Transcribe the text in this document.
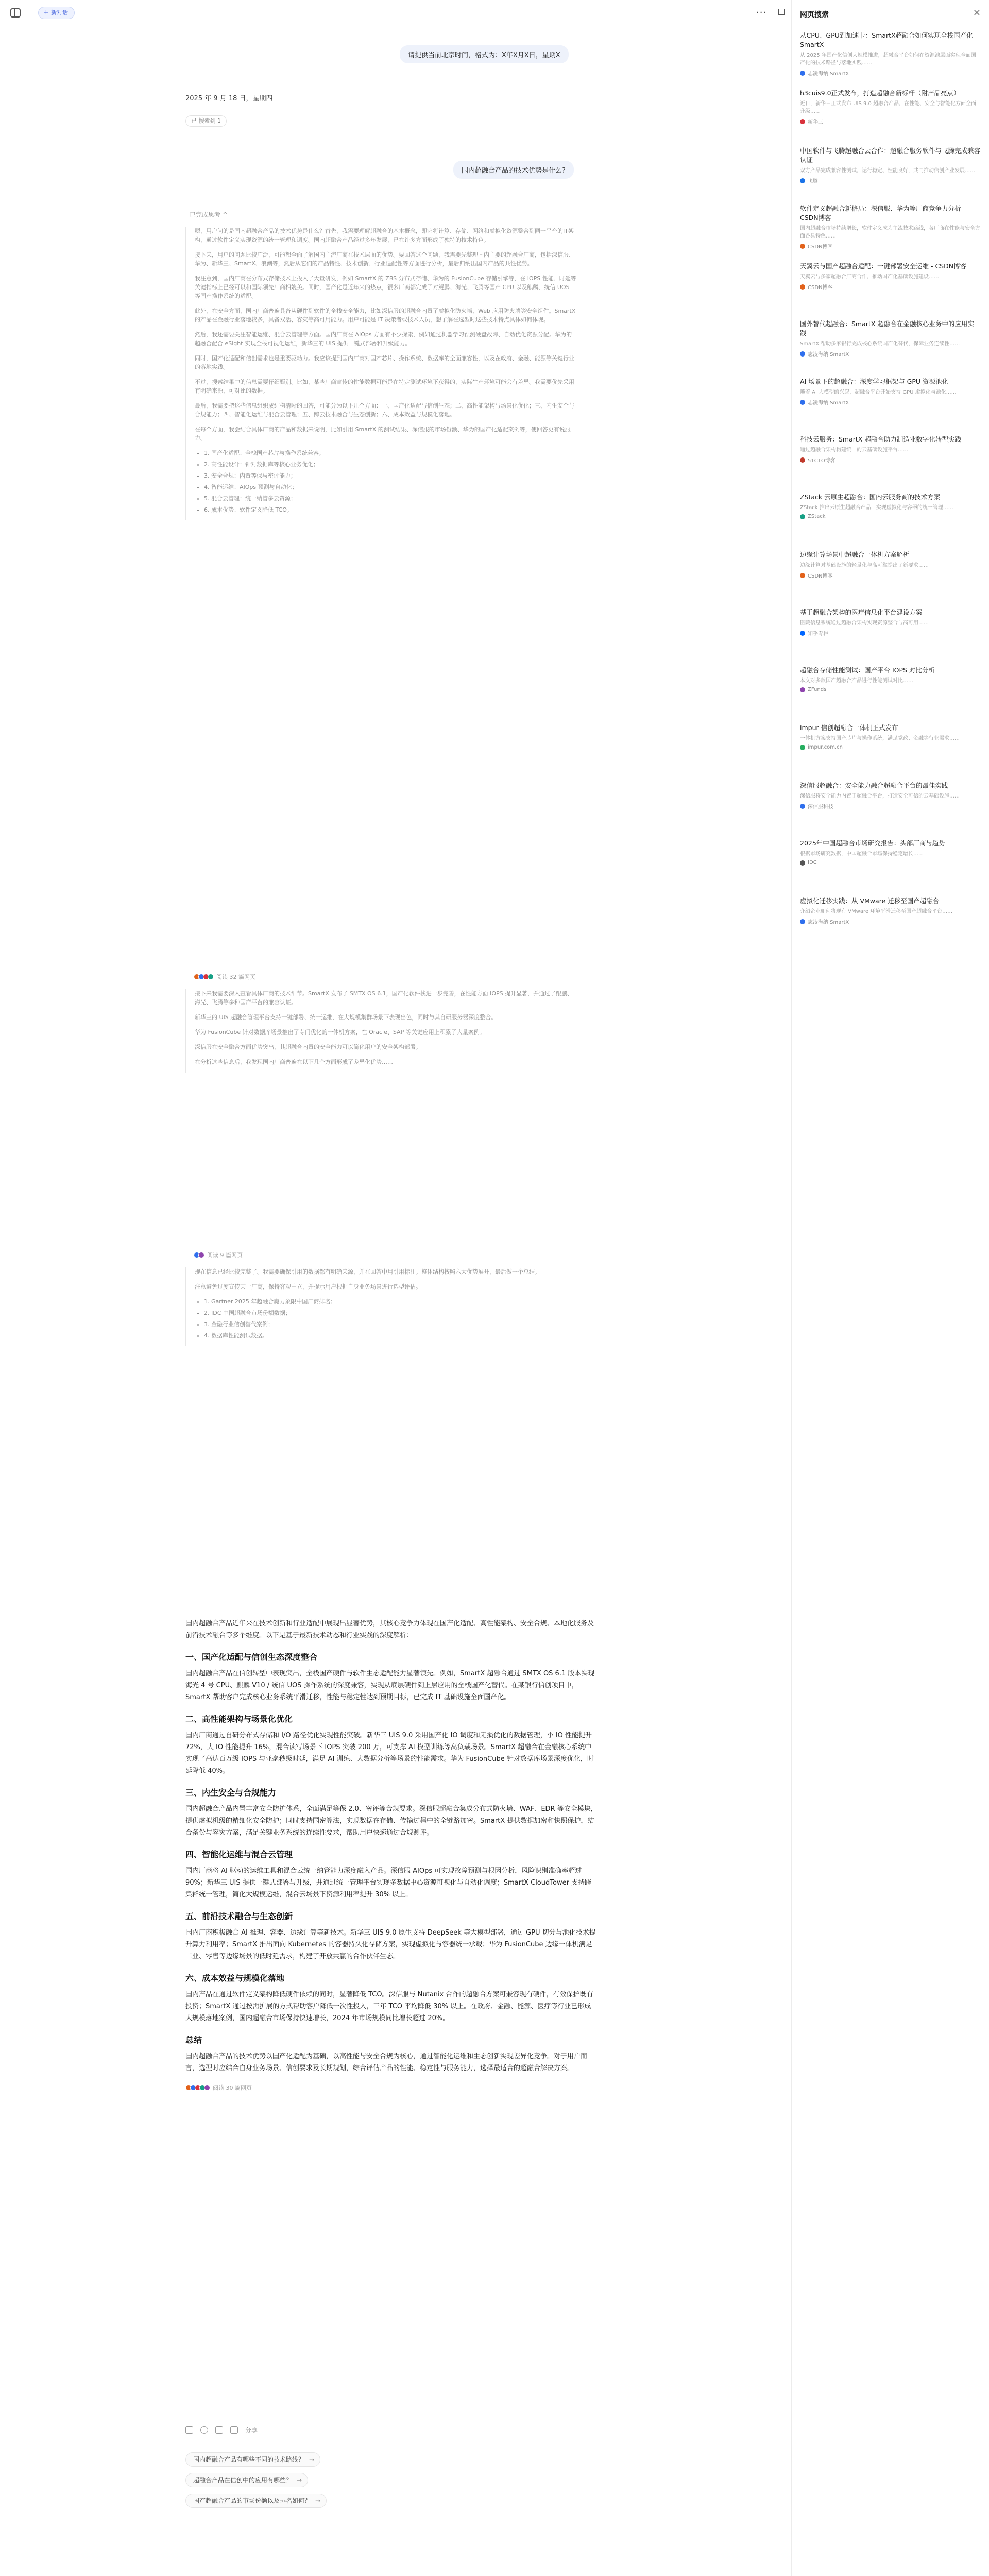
+ 新对话	···
请提供当前北京时间，格式为：X年X月X日，星期X
2025 年 9 月 18 日，星期四
已 搜索到 1
国内超融合产品的技术优势是什么?
已完成思考 ^

嗯，用户问的是国内超融合产品的技术优势是什么？首先，我需要理解超融合的基本概念，即它将计算、存储、网络和虚拟化资源整合到同一平台的IT架构，通过软件定义实现资源的统一管理和调度。国内超融合产品经过多年发展，已在许多方面形成了独特的技术特色。

接下来，用户的问题比较广泛，可能想全面了解国内主流厂商在技术层面的优势。要回答这个问题，我需要先整理国内主要的超融合厂商，包括深信服、华为、新华三、SmartX、浪潮等，然后从它们的产品特性、技术创新、行业适配性等方面进行分析，最后归纳出国内产品的共性优势。

我注意到，国内厂商在分布式存储技术上投入了大量研发，例如 SmartX 的 ZBS 分布式存储、华为的 FusionCube 存储引擎等，在 IOPS 性能、时延等关键指标上已经可以和国际领先厂商相媲美。同时，国产化是近年来的热点，很多厂商都完成了对鲲鹏、海光、飞腾等国产 CPU 以及麒麟、统信 UOS 等国产操作系统的适配。

此外，在安全方面，国内厂商普遍具备从硬件到软件的全栈安全能力，比如深信服的超融合内置了虚拟化防火墙、Web 应用防火墙等安全组件。SmartX 的产品在金融行业落地较多，具备双活、容灾等高可用能力。用户可能是 IT 决策者或技术人员，想了解在选型时这些技术特点具体如何体现。

然后，我还需要关注智能运维、混合云管理等方面。国内厂商在 AIOps 方面有不少探索，例如通过机器学习预测硬盘故障、自动优化资源分配。华为的超融合配合 eSight 实现全栈可视化运维，新华三的 UIS 提供一键式部署和升级能力。

同时，国产化适配和信创需求也是重要驱动力。我应该提到国内厂商对国产芯片、操作系统、数据库的全面兼容性，以及在政府、金融、能源等关键行业的落地实践。

不过，搜索结果中的信息需要仔细甄别。比如，某些厂商宣传的性能数据可能是在特定测试环境下获得的，实际生产环境可能会有差异。我需要优先采用有明确来源、可对比的数据。

最后，我需要把这些信息组织成结构清晰的回答，可能分为以下几个方面：一、国产化适配与信创生态；二、高性能架构与场景化优化；三、内生安全与合规能力；四、智能化运维与混合云管理；五、跨云技术融合与生态创新；六、成本效益与规模化落地。

在每个方面，我会结合具体厂商的产品和数据来说明，比如引用 SmartX 的测试结果、深信服的市场份额、华为的国产化适配案例等，使回答更有说服力。

• 1. 国产化适配：全栈国产芯片与操作系统兼容；
• 2. 高性能设计：针对数据库等核心业务优化；
• 3. 安全合规：内置等保与密评能力；
• 4. 智能运维：AIOps 预测与自动化；
• 5. 混合云管理：统一纳管多云资源；
• 6. 成本优势：软件定义降低 TCO。
阅读 32 篇网页

接下来我需要深入查看具体厂商的技术细节。SmartX 发布了 SMTX OS 6.1，国产化软件栈进一步完善，在性能方面 IOPS 提升显著，并通过了鲲鹏、海光、飞腾等多种国产平台的兼容认证。

新华三的 UIS 超融合管理平台支持一键部署、统一运维，在大规模集群场景下表现出色，同时与其自研服务器深度整合。

华为 FusionCube 针对数据库场景推出了专门优化的一体机方案，在 Oracle、SAP 等关键应用上积累了大量案例。

深信服在安全融合方面优势突出，其超融合内置的安全能力可以简化用户的安全架构部署。

在分析这些信息后，我发现国内厂商普遍在以下几个方面形成了差异化优势……

阅读 9 篇网页

现在信息已经比较完整了。我需要确保引用的数据都有明确来源，并在回答中用引用标注。整体结构按照六大优势展开，最后做一个总结。

注意避免过度宣传某一厂商，保持客观中立，并提示用户根据自身业务场景进行选型评估。

• 1. Gartner 2025 年超融合魔力象限中国厂商排名；
• 2. IDC 中国超融合市场份额数据；
• 3. 金融行业信创替代案例；
• 4. 数据库性能测试数据。

国内超融合产品近年来在技术创新和行业适配中展现出显著优势，其核心竞争力体现在国产化适配、高性能架构、安全合规、本地化服务及前沿技术融合等多个维度。以下是基于最新技术动态和行业实践的深度解析：

一、国产化适配与信创生态深度整合

国内超融合产品在信创转型中表现突出，全栈国产硬件与软件生态适配能力显著领先。例如，SmartX 超融合通过 SMTX OS 6.1 版本实现海光 4 号 CPU、麒麟 V10 / 统信 UOS 操作系统的深度兼容，实现从底层硬件到上层应用的全栈国产化替代。在某银行信创项目中，SmartX 帮助客户完成核心业务系统平滑迁移，性能与稳定性达到预期目标，已完成 IT 基础设施全面国产化。

二、高性能架构与场景化优化

国内厂商通过自研分布式存储和 I/O 路径优化实现性能突破。新华三 UIS 9.0 采用国产化 IO 调度和无损优化的数据管理，小 IO 性能提升 72%，大 IO 性能提升 16%，混合读写场景下 IOPS 突破 200 万，可支撑 AI 模型训练等高负载场景。SmartX 超融合在金融核心系统中实现了高达百万级 IOPS 与亚毫秒级时延，满足 AI 训练、大数据分析等场景的性能需求。华为 FusionCube 针对数据库场景深度优化，时延降低 40%。

三、内生安全与合规能力

国内超融合产品内置丰富安全防护体系，全面满足等保 2.0、密评等合规要求。深信服超融合集成分布式防火墙、WAF、EDR 等安全模块，提供虚拟机级的精细化安全防护；同时支持国密算法，实现数据在存储、传输过程中的全链路加密。SmartX 提供数据加密和快照保护，结合备份与容灾方案，满足关键业务系统的连续性要求，帮助用户快速通过合规测评。

四、智能化运维与混合云管理

国内厂商将 AI 驱动的运维工具和混合云统一纳管能力深度融入产品。深信服 AIOps 可实现故障预测与根因分析，风险识别准确率超过 90%；新华三 UIS 提供一键式部署与升级，并通过统一管理平台实现多数据中心资源可视化与自动化调度；SmartX CloudTower 支持跨集群统一管理，简化大规模运维，混合云场景下资源利用率提升 30% 以上。

五、前沿技术融合与生态创新

国内厂商积极融合 AI 推理、容器、边缘计算等新技术。新华三 UIS 9.0 原生支持 DeepSeek 等大模型部署，通过 GPU 切分与池化技术提升算力利用率；SmartX 推出面向 Kubernetes 的容器持久化存储方案，实现虚拟化与容器统一承载；华为 FusionCube 边缘一体机满足工业、零售等边缘场景的低时延需求，构建了开放共赢的合作伙伴生态。

六、成本效益与规模化落地

国内产品在通过软件定义架构降低硬件依赖的同时，显著降低 TCO。深信服与 Nutanix 合作的超融合方案可兼容现有硬件，有效保护既有投资；SmartX 通过按需扩展的方式帮助客户降低一次性投入，三年 TCO 平均降低 30% 以上。在政府、金融、能源、医疗等行业已形成大规模落地案例，国内超融合市场保持快速增长，2024 年市场规模同比增长超过 20%。

总结

国内超融合产品的技术优势以国产化适配为基础，以高性能与安全合规为核心，通过智能化运维和生态创新实现差异化竞争。对于用户而言，选型时应结合自身业务场景、信创要求及长期规划，综合评估产品的性能、稳定性与服务能力，选择最适合的超融合解决方案。

阅读 30 篇网页
分享
国内超融合产品有哪些不同的技术路线？ →
超融合产品在信创中的应用有哪些？ →
国产超融合产品的市场份额以及排名如何？ →
网页搜索	×
从CPU、GPU到加速卡：SmartX超融合如何实现全栈国产化 - SmartX
从 2025 年国产化信创大规模推进，超融合平台如何在资源池层面实现全面国产化的技术路径与落地实践……
志凌海纳 SmartX
h3cuis9.0正式发布，打造超融合新标杆（附产品亮点）
近日，新华三正式发布 UIS 9.0 超融合产品，在性能、安全与智能化方面全面升级……
新华三
中国软件与飞腾超融合云合作：超融合服务软件与飞腾完成兼容认证
双方产品完成兼容性测试，运行稳定、性能良好，共同推动信创产业发展……
飞腾
软件定义超融合新格局：深信服、华为等厂商竞争力分析 - CSDN博客
国内超融合市场持续增长，软件定义成为主流技术路线，各厂商在性能与安全方面各具特色……
CSDN博客
天翼云与国产超融合适配：一键部署安全运维 - CSDN博客
天翼云与多家超融合厂商合作，推动国产化基础设施建设……
CSDN博客
国外替代超融合：SmartX 超融合在金融核心业务中的应用实践
SmartX 帮助多家银行完成核心系统国产化替代，保障业务连续性……
志凌海纳 SmartX
AI 场景下的超融合：深度学习框架与 GPU 资源池化
随着 AI 大模型的兴起，超融合平台开始支持 GPU 虚拟化与池化……
志凌海纳 SmartX
科技云服务：SmartX 超融合助力制造业数字化转型实践
通过超融合架构构建统一的云基础设施平台……
51CTO博客
ZStack 云原生超融合：国内云服务商的技术方案
ZStack 推出云原生超融合产品，实现虚拟化与容器的统一管理……
ZStack
边缘计算场景中超融合一体机方案解析
边缘计算对基础设施的轻量化与高可靠提出了新要求……
CSDN博客
基于超融合架构的医疗信息化平台建设方案
医院信息系统通过超融合架构实现资源整合与高可用……
知乎专栏
超融合存储性能测试：国产平台 IOPS 对比分析
本文对多款国产超融合产品进行性能测试对比……
ZFunds
impur 信创超融合一体机正式发布
一体机方案支持国产芯片与操作系统，满足党政、金融等行业需求……
impur.com.cn
深信服超融合：安全能力融合超融合平台的最佳实践
深信服将安全能力内置于超融合平台，打造安全可信的云基础设施……
深信服科技
2025年中国超融合市场研究报告：头部厂商与趋势
根据市场研究数据，中国超融合市场保持稳定增长……
IDC
虚拟化迁移实践：从 VMware 迁移至国产超融合
介绍企业如何将现有 VMware 环境平滑迁移至国产超融合平台……
志凌海纳 SmartX
